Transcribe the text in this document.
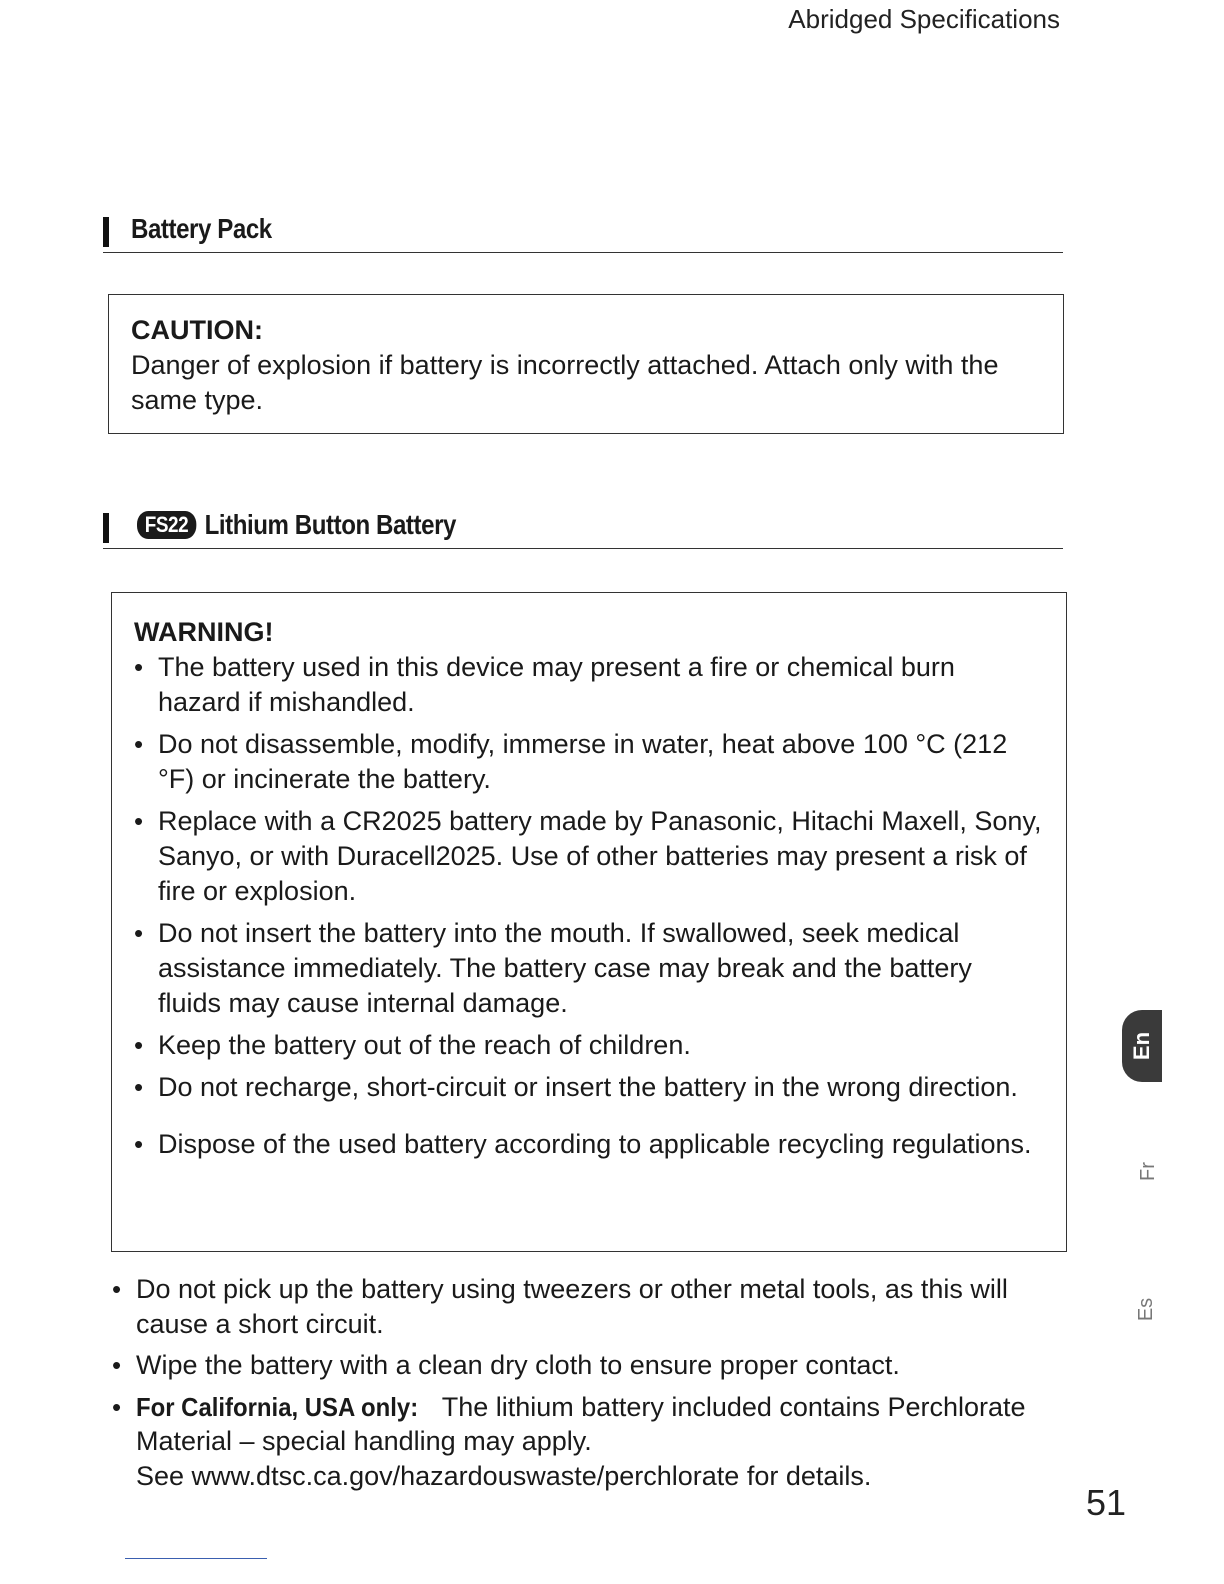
Abridged Specifications
Battery Pack
CAUTION:
Danger of explosion if battery is incorrectly attached. Attach only with the same type.
FS22 Lithium Button Battery
WARNING!
• The battery used in this device may present a fire or chemical burn hazard if mishandled.
• Do not disassemble, modify, immerse in water, heat above 100 °C (212 °F) or incinerate the battery.
• Replace with a CR2025 battery made by Panasonic, Hitachi Maxell, Sony, Sanyo, or with Duracell2025. Use of other batteries may present a risk of fire or explosion.
• Do not insert the battery into the mouth. If swallowed, seek medical assistance immediately. The battery case may break and the battery fluids may cause internal damage.
• Keep the battery out of the reach of children.
• Do not recharge, short-circuit or insert the battery in the wrong direction.
• Dispose of the used battery according to applicable recycling regulations.
• Do not pick up the battery using tweezers or other metal tools, as this will cause a short circuit.
• Wipe the battery with a clean dry cloth to ensure proper contact.
• For California, USA only: The lithium battery included contains Perchlorate Material – special handling may apply.
See www.dtsc.ca.gov/hazardouswaste/perchlorate for details.
En
Fr
Es
51
